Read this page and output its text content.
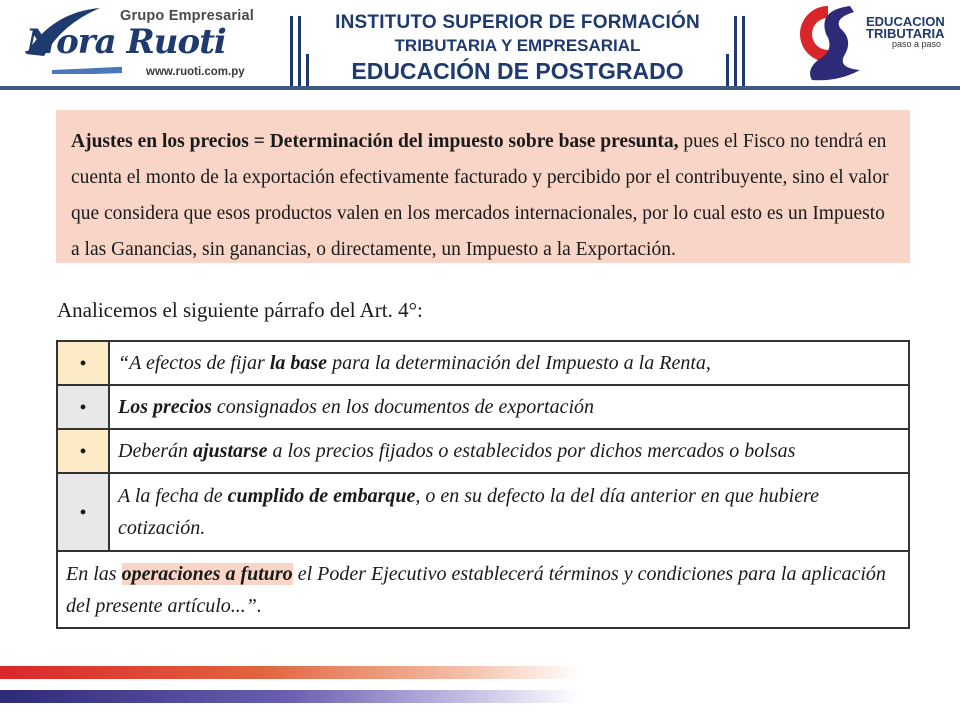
Grupo Empresarial
Nora Ruoti
www.ruoti.com.py
INSTITUTO SUPERIOR DE FORMACIÓN
TRIBUTARIA Y EMPRESARIAL
EDUCACIÓN DE POSTGRADO
EDUCACION
TRIBUTARIA
paso a paso

Ajustes en los precios = Determinación del impuesto sobre base presunta, pues el Fisco no tendrá en cuenta el monto de la exportación efectivamente facturado y percibido por el contribuyente, sino el valor que considera que esos productos valen en los mercados internacionales, por lo cual esto es un Impuesto a las Ganancias, sin ganancias, o directamente, un Impuesto a la Exportación.

Analicemos el siguiente párrafo del Art. 4°:

•	“A efectos de fijar la base para la determinación del Impuesto a la Renta,
•	Los precios consignados en los documentos de exportación
•	Deberán ajustarse a los precios fijados o establecidos por dichos mercados o bolsas
•	A la fecha de cumplido de embarque, o en su defecto la del día anterior en que hubiere cotización.
En las operaciones a futuro el Poder Ejecutivo establecerá términos y condiciones para la aplicación del presente artículo...”.	
